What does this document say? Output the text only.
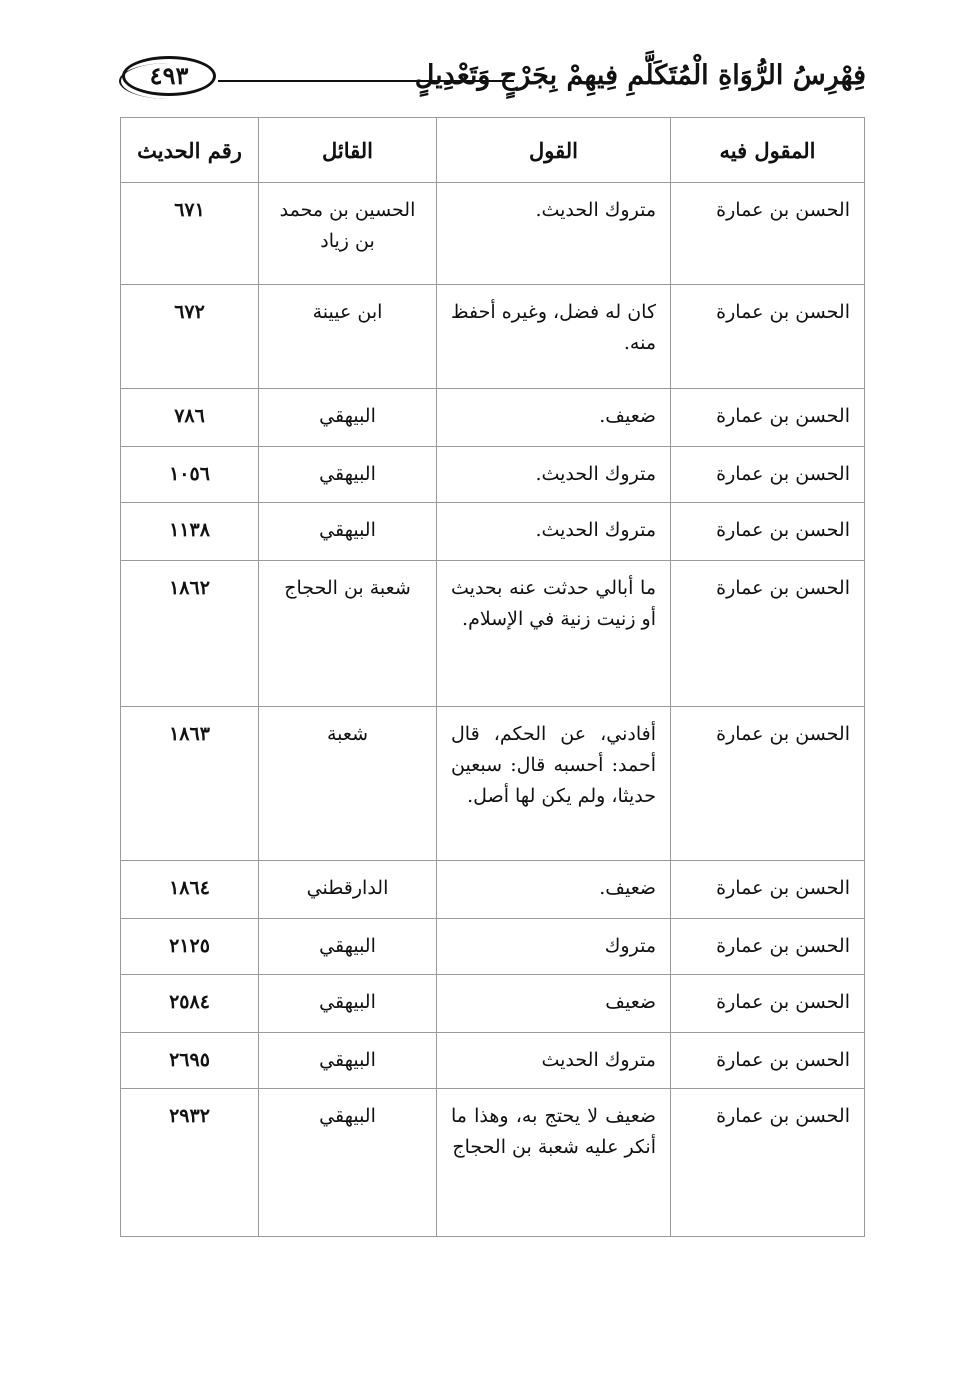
فِهْرِسُ الرُّوَاةِ الْمُتَكَلَّمِ فِيهِمْ بِجَرْحٍ وَتَعْدِيلٍ
٤٩٣
المقول فيه	القول	القائل	رقم الحديث
الحسن بن عمارة	متروك الحديث.	الحسين بن محمد بن زياد	٦٧١
الحسن بن عمارة	كان له فضل، وغيره أحفظ منه.	ابن عيينة	٦٧٢
الحسن بن عمارة	ضعيف.	البيهقي	٧٨٦
الحسن بن عمارة	متروك الحديث.	البيهقي	١٠٥٦
الحسن بن عمارة	متروك الحديث.	البيهقي	١١٣٨
الحسن بن عمارة	ما أبالي حدثت عنه بحديث أو زنيت زنية في الإسلام.	شعبة بن الحجاج	١٨٦٢
الحسن بن عمارة	أفادني، عن الحكم، قال أحمد: أحسبه قال: سبعين حديثا، ولم يكن لها أصل.	شعبة	١٨٦٣
الحسن بن عمارة	ضعيف.	الدارقطني	١٨٦٤
الحسن بن عمارة	متروك	البيهقي	٢١٢٥
الحسن بن عمارة	ضعيف	البيهقي	٢٥٨٤
الحسن بن عمارة	متروك الحديث	البيهقي	٢٦٩٥
الحسن بن عمارة	ضعيف لا يحتج به، وهذا ما أنكر عليه شعبة بن الحجاج	البيهقي	٢٩٣٢
